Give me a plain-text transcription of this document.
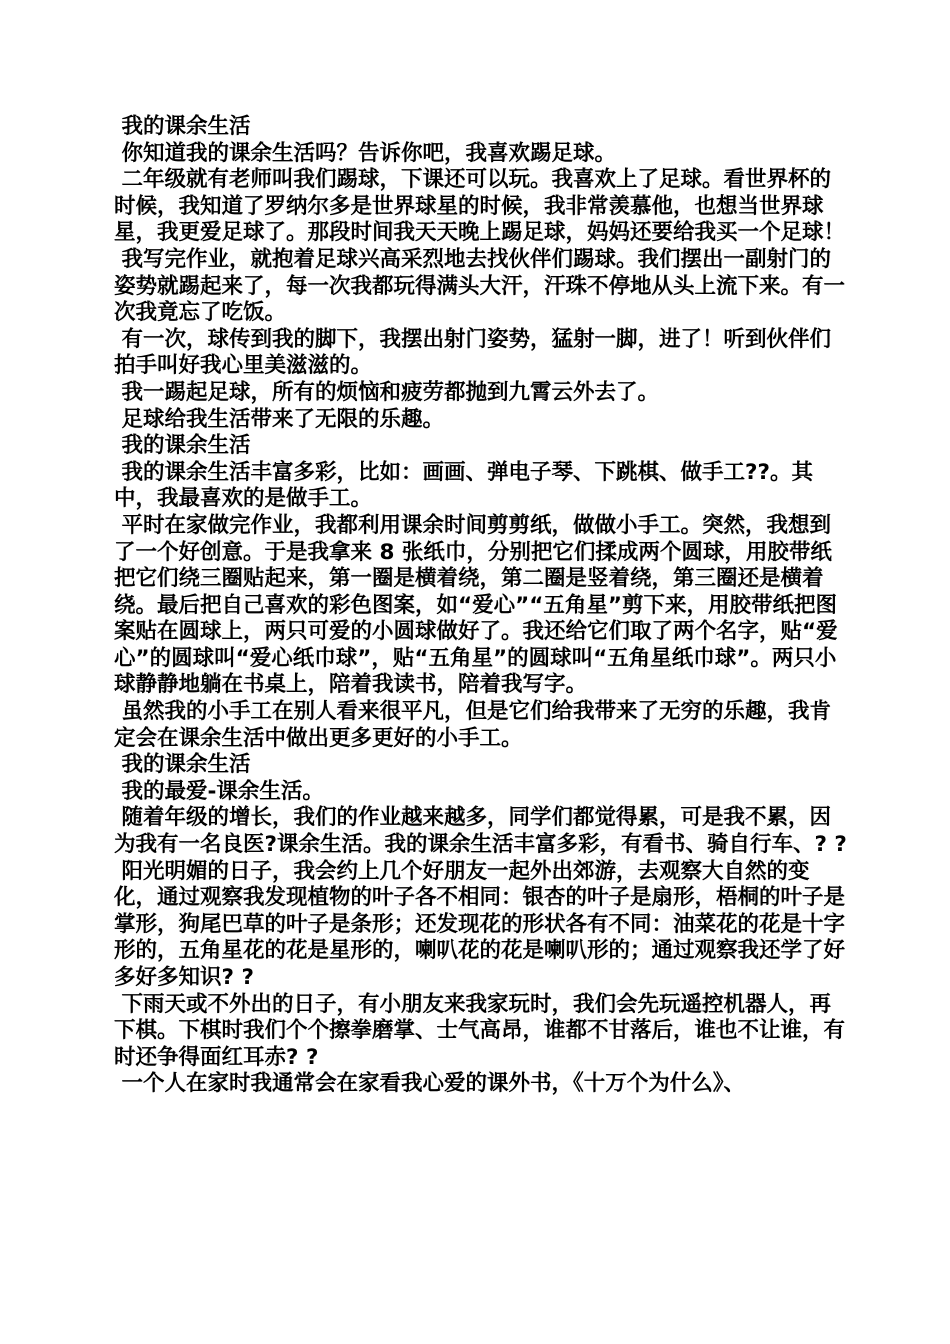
我的课余生活

你知道我的课余生活吗？告诉你吧，我喜欢踢足球。

二年级就有老师叫我们踢球，下课还可以玩。我喜欢上了足球。看世界杯的时候，我知道了罗纳尔多是世界球星的时候，我非常羡慕他，也想当世界球星，我更爱足球了。那段时间我天天晚上踢足球，妈妈还要给我买一个足球！

我写完作业，就抱着足球兴高采烈地去找伙伴们踢球。我们摆出一副射门的姿势就踢起来了，每一次我都玩得满头大汗，汗珠不停地从头上流下来。有一次我竟忘了吃饭。

有一次，球传到我的脚下，我摆出射门姿势，猛射一脚，进了！听到伙伴们拍手叫好我心里美滋滋的。

我一踢起足球，所有的烦恼和疲劳都抛到九霄云外去了。

足球给我生活带来了无限的乐趣。

我的课余生活

我的课余生活丰富多彩，比如：画画、弹电子琴、下跳棋、做手工??。其中，我最喜欢的是做手工。

平时在家做完作业，我都利用课余时间剪剪纸，做做小手工。突然，我想到了一个好创意。于是我拿来 8 张纸巾，分别把它们揉成两个圆球，用胶带纸把它们绕三圈贴起来，第一圈是横着绕，第二圈是竖着绕，第三圈还是横着绕。最后把自己喜欢的彩色图案，如“爱心”“五角星”剪下来，用胶带纸把图案贴在圆球上，两只可爱的小圆球做好了。我还给它们取了两个名字，贴“爱心”的圆球叫“爱心纸巾球”，贴“五角星”的圆球叫“五角星纸巾球”。两只小球静静地躺在书桌上，陪着我读书，陪着我写字。

虽然我的小手工在别人看来很平凡，但是它们给我带来了无穷的乐趣，我肯定会在课余生活中做出更多更好的小手工。

我的课余生活

我的最爱-课余生活。

随着年级的增长，我们的作业越来越多，同学们都觉得累，可是我不累，因为我有一名良医?课余生活。我的课余生活丰富多彩，有看书、骑自行车、? ?

阳光明媚的日子，我会约上几个好朋友一起外出郊游，去观察大自然的变化，通过观察我发现植物的叶子各不相同：银杏的叶子是扇形，梧桐的叶子是掌形，狗尾巴草的叶子是条形；还发现花的形状各有不同：油菜花的花是十字形的，五角星花的花是星形的，喇叭花的花是喇叭形的；通过观察我还学了好多好多知识? ?

下雨天或不外出的日子，有小朋友来我家玩时，我们会先玩遥控机器人，再下棋。下棋时我们个个擦拳磨掌、士气高昂，谁都不甘落后，谁也不让谁，有时还争得面红耳赤? ?

一个人在家时我通常会在家看我心爱的课外书，《十万个为什么》、
